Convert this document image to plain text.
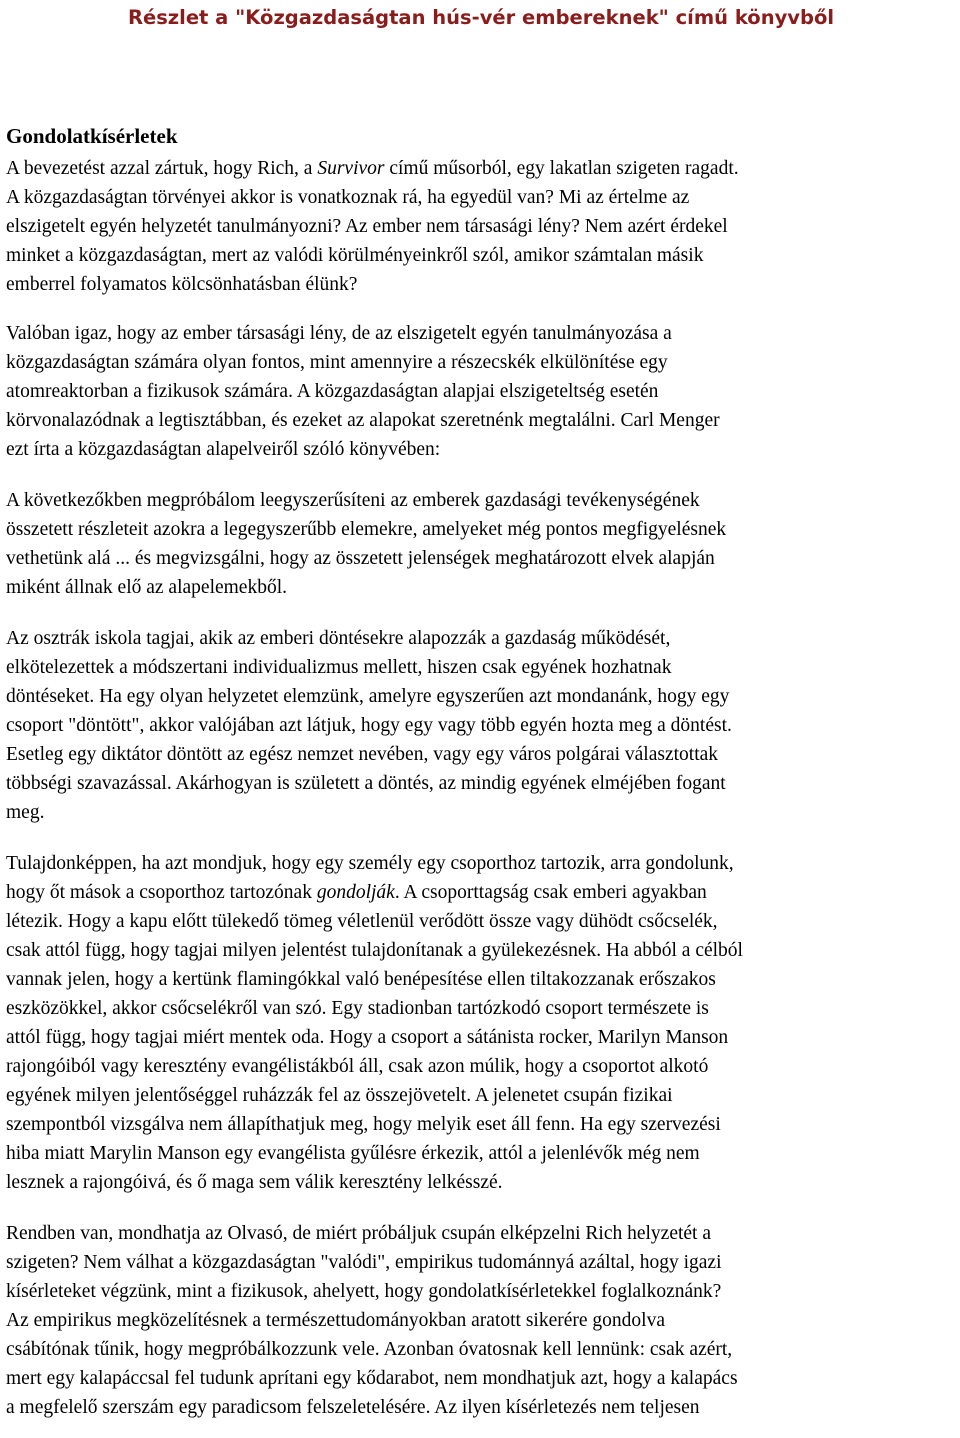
Részlet a "Közgazdaságtan hús-vér embereknek" című könyvből
Gondolatkísérletek

A bevezetést azzal zártuk, hogy Rich, a Survivor című műsorból, egy lakatlan szigeten ragadt.
A közgazdaságtan törvényei akkor is vonatkoznak rá, ha egyedül van? Mi az értelme az
elszigetelt egyén helyzetét tanulmányozni? Az ember nem társasági lény? Nem azért érdekel
minket a közgazdaságtan, mert az valódi körülményeinkről szól, amikor számtalan másik
emberrel folyamatos kölcsönhatásban élünk?

Valóban igaz, hogy az ember társasági lény, de az elszigetelt egyén tanulmányozása a
közgazdaságtan számára olyan fontos, mint amennyire a részecskék elkülönítése egy
atomreaktorban a fizikusok számára. A közgazdaságtan alapjai elszigeteltség esetén
körvonalazódnak a legtisztábban, és ezeket az alapokat szeretnénk megtalálni. Carl Menger
ezt írta a közgazdaságtan alapelveiről szóló könyvében:

A következőkben megpróbálom leegyszerűsíteni az emberek gazdasági tevékenységének
összetett részleteit azokra a legegyszerűbb elemekre, amelyeket még pontos megfigyelésnek
vethetünk alá ... és megvizsgálni, hogy az összetett jelenségek meghatározott elvek alapján
miként állnak elő az alapelemekből.

Az osztrák iskola tagjai, akik az emberi döntésekre alapozzák a gazdaság működését,
elkötelezettek a módszertani individualizmus mellett, hiszen csak egyének hozhatnak
döntéseket. Ha egy olyan helyzetet elemzünk, amelyre egyszerűen azt mondanánk, hogy egy
csoport "döntött", akkor valójában azt látjuk, hogy egy vagy több egyén hozta meg a döntést.
Esetleg egy diktátor döntött az egész nemzet nevében, vagy egy város polgárai választottak
többségi szavazással. Akárhogyan is született a döntés, az mindig egyének elméjében fogant
meg.

Tulajdonképpen, ha azt mondjuk, hogy egy személy egy csoporthoz tartozik, arra gondolunk,
hogy őt mások a csoporthoz tartozónak gondolják. A csoporttagság csak emberi agyakban
létezik. Hogy a kapu előtt tülekedő tömeg véletlenül verődött össze vagy dühödt csőcselék,
csak attól függ, hogy tagjai milyen jelentést tulajdonítanak a gyülekezésnek. Ha abból a célból
vannak jelen, hogy a kertünk flamingókkal való benépesítése ellen tiltakozzanak erőszakos
eszközökkel, akkor csőcselékről van szó. Egy stadionban tartózkodó csoport természete is
attól függ, hogy tagjai miért mentek oda. Hogy a csoport a sátánista rocker, Marilyn Manson
rajongóiból vagy keresztény evangélistákból áll, csak azon múlik, hogy a csoportot alkotó
egyének milyen jelentőséggel ruházzák fel az összejövetelt. A jelenetet csupán fizikai
szempontból vizsgálva nem állapíthatjuk meg, hogy melyik eset áll fenn. Ha egy szervezési
hiba miatt Marylin Manson egy evangélista gyűlésre érkezik, attól a jelenlévők még nem
lesznek a rajongóivá, és ő maga sem válik keresztény lelkésszé.

Rendben van, mondhatja az Olvasó, de miért próbáljuk csupán elképzelni Rich helyzetét a
szigeten? Nem válhat a közgazdaságtan "valódi", empirikus tudománnyá azáltal, hogy igazi
kísérleteket végzünk, mint a fizikusok, ahelyett, hogy gondolatkísérletekkel foglalkoznánk?
Az empirikus megközelítésnek a természettudományokban aratott sikerére gondolva
csábítónak tűnik, hogy megpróbálkozzunk vele. Azonban óvatosnak kell lennünk: csak azért,
mert egy kalapáccsal fel tudunk aprítani egy kődarabot, nem mondhatjuk azt, hogy a kalapács
a megfelelő szerszám egy paradicsom felszeletelésére. Az ilyen kísérletezés nem teljesen
